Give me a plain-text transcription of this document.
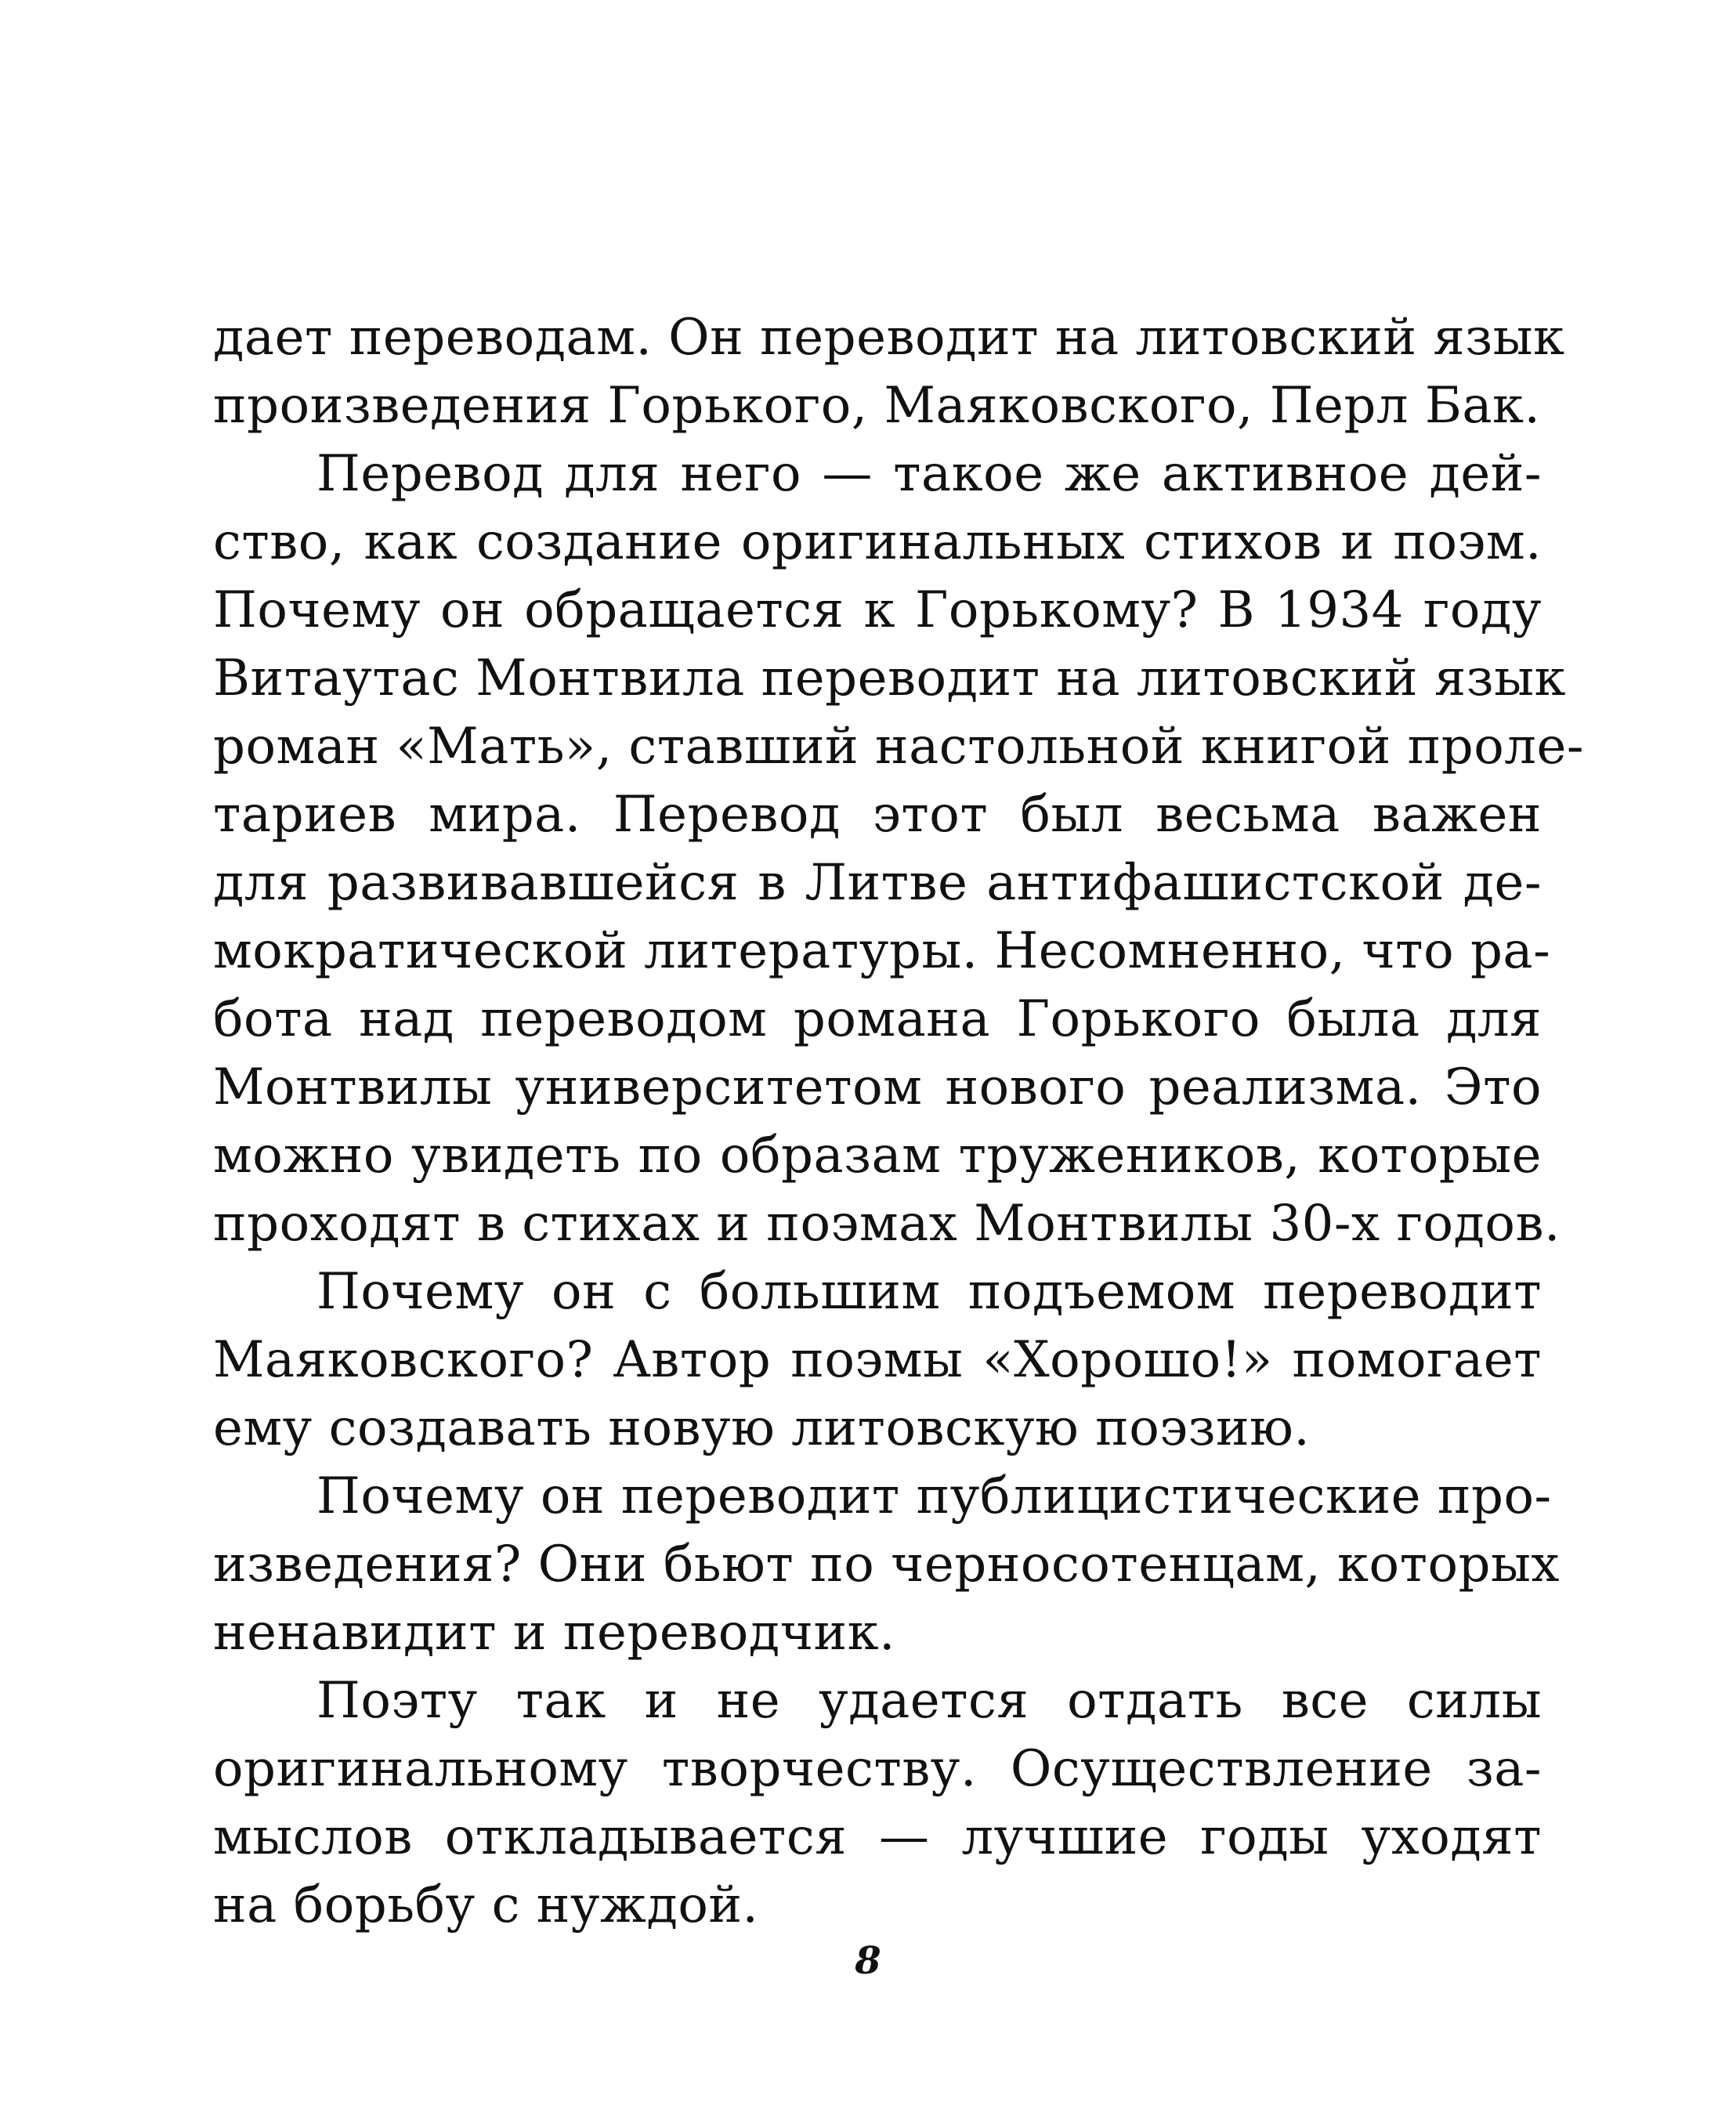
дает переводам. Он переводит на литовский язык
произведения Горького, Маяковского, Перл Бак.
Перевод для него — такое же активное дей-
ство, как создание оригинальных стихов и поэм.
Почему он обращается к Горькому? В 1934 году
Витаутас Монтвила переводит на литовский язык
роман «Мать», ставший настольной книгой проле-
тариев мира. Перевод этот был весьма важен
для развивавшейся в Литве антифашистской де-
мократической литературы. Несомненно, что ра-
бота над переводом романа Горького была для
Монтвилы университетом нового реализма. Это
можно увидеть по образам тружеников, которые
проходят в стихах и поэмах Монтвилы 30-х годов.
Почему он с большим подъемом переводит
Маяковского? Автор поэмы «Хорошо!» помогает
ему создавать новую литовскую поэзию.
Почему он переводит публицистические про-
изведения? Они бьют по черносотенцам, которых
ненавидит и переводчик.
Поэту так и не удается отдать все силы
оригинальному творчеству. Осуществление за-
мыслов откладывается — лучшие годы уходят
на борьбу с нуждой.
8
